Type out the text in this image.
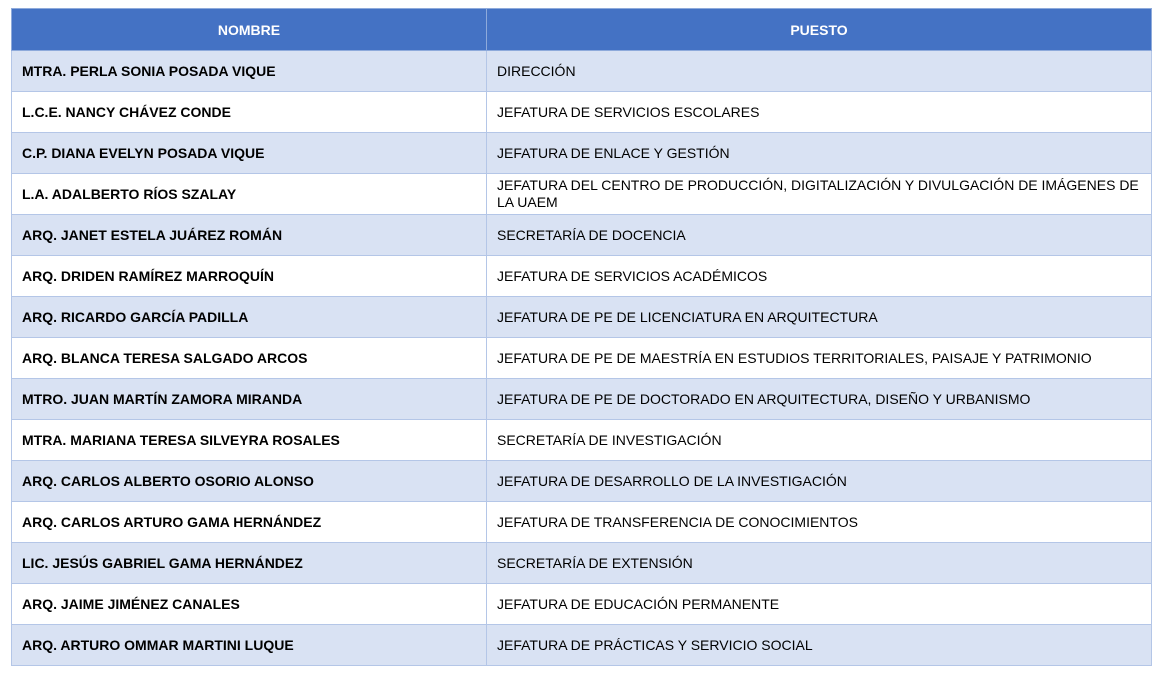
NOMBRE	PUESTO
MTRA. PERLA SONIA POSADA VIQUE	DIRECCIÓN
L.C.E. NANCY CHÁVEZ CONDE	JEFATURA DE SERVICIOS ESCOLARES
C.P. DIANA EVELYN POSADA VIQUE	JEFATURA DE ENLACE Y GESTIÓN
L.A. ADALBERTO RÍOS SZALAY	JEFATURA DEL CENTRO DE PRODUCCIÓN, DIGITALIZACIÓN Y DIVULGACIÓN DE IMÁGENES DE LA UAEM
ARQ. JANET ESTELA JUÁREZ ROMÁN	SECRETARÍA DE DOCENCIA
ARQ. DRIDEN RAMÍREZ MARROQUÍN	JEFATURA DE SERVICIOS ACADÉMICOS
ARQ. RICARDO GARCÍA PADILLA	JEFATURA DE PE DE LICENCIATURA EN ARQUITECTURA
ARQ. BLANCA TERESA SALGADO ARCOS	JEFATURA DE PE DE MAESTRÍA EN ESTUDIOS TERRITORIALES, PAISAJE Y PATRIMONIO
MTRO. JUAN MARTÍN ZAMORA MIRANDA	JEFATURA DE PE DE DOCTORADO EN ARQUITECTURA, DISEÑO Y URBANISMO
MTRA. MARIANA TERESA SILVEYRA ROSALES	SECRETARÍA DE INVESTIGACIÓN
ARQ. CARLOS ALBERTO OSORIO ALONSO	JEFATURA DE DESARROLLO DE LA INVESTIGACIÓN
ARQ. CARLOS ARTURO GAMA HERNÁNDEZ	JEFATURA DE TRANSFERENCIA DE CONOCIMIENTOS
LIC. JESÚS GABRIEL GAMA HERNÁNDEZ	SECRETARÍA DE EXTENSIÓN
ARQ. JAIME JIMÉNEZ CANALES	JEFATURA DE EDUCACIÓN PERMANENTE
ARQ. ARTURO OMMAR MARTINI LUQUE	JEFATURA DE PRÁCTICAS Y SERVICIO SOCIAL
